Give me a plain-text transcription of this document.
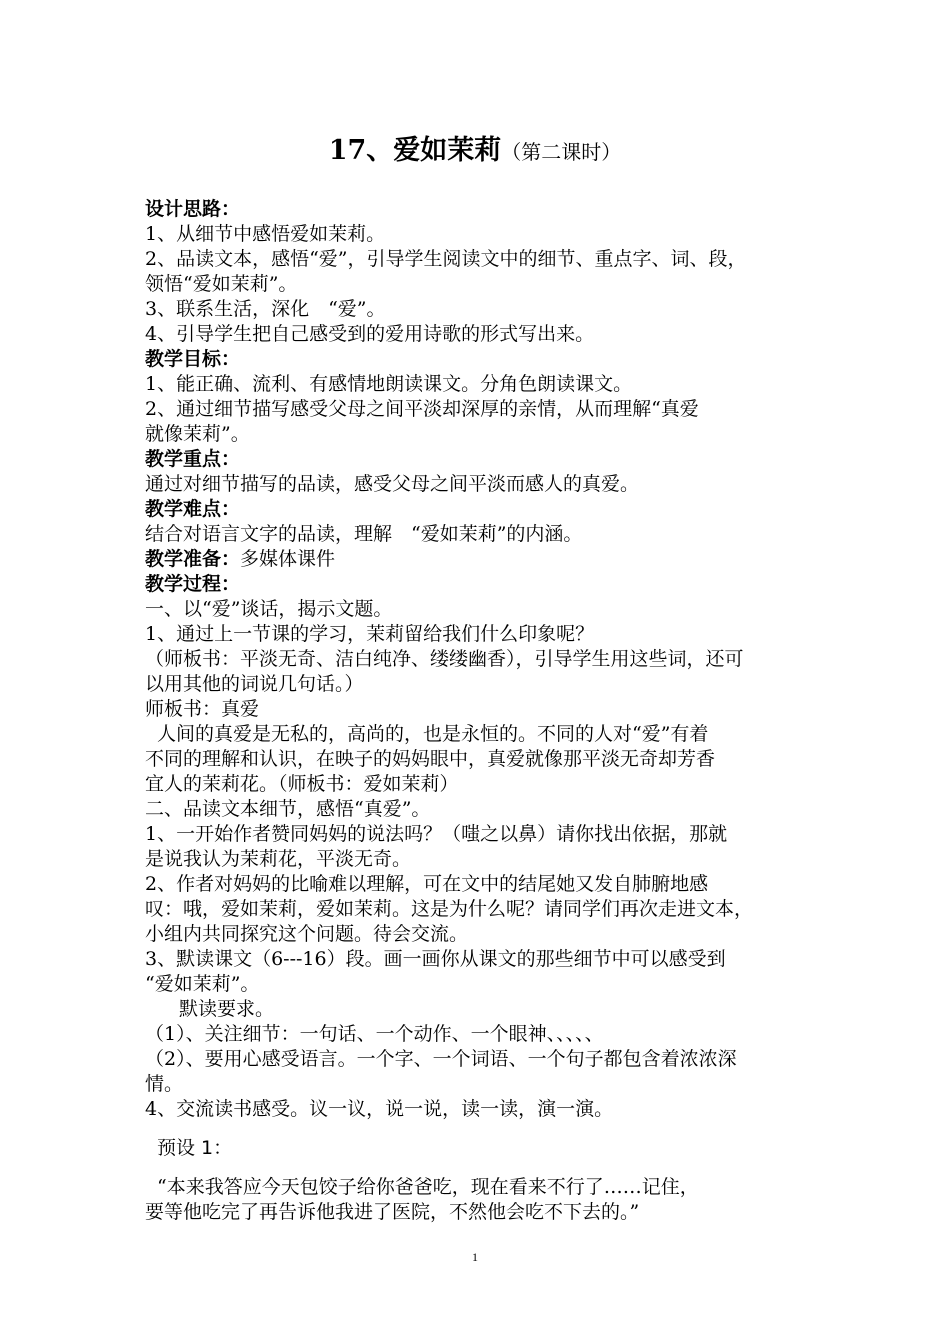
17、爱如茉莉（第二课时）

设计思路：

1、从细节中感悟爱如茉莉。

2、品读文本，感悟“爱”，引导学生阅读文中的细节、重点字、词、段，

领悟“爱如茉莉”。

3、联系生活，深化　“爱”。

4、引导学生把自己感受到的爱用诗歌的形式写出来。

教学目标：

1、能正确、流利、有感情地朗读课文。分角色朗读课文。

2、通过细节描写感受父母之间平淡却深厚的亲情，从而理解“真爱

就像茉莉”。

教学重点：

通过对细节描写的品读，感受父母之间平淡而感人的真爱。

教学难点：

结合对语言文字的品读，理解　“爱如茉莉”的内涵。

教学准备：多媒体课件

教学过程：

一、以“爱”谈话，揭示文题。

1、通过上一节课的学习，茉莉留给我们什么印象呢？

（师板书：平淡无奇、洁白纯净、缕缕幽香），引导学生用这些词，还可

以用其他的词说几句话。）

师板书：真爱

人间的真爱是无私的，高尚的，也是永恒的。不同的人对“爱”有着

不同的理解和认识，在映子的妈妈眼中，真爱就像那平淡无奇却芳香

宜人的茉莉花。（师板书：爱如茉莉）

二、品读文本细节，感悟“真爱”。

1、一开始作者赞同妈妈的说法吗？（嗤之以鼻）请你找出依据，那就

是说我认为茉莉花，平淡无奇。

2、作者对妈妈的比喻难以理解，可在文中的结尾她又发自肺腑地感

叹：哦，爱如茉莉，爱如茉莉。这是为什么呢？请同学们再次走进文本，

小组内共同探究这个问题。待会交流。

3、默读课文（6---16）段。画一画你从课文的那些细节中可以感受到

“爱如茉莉”。

默读要求。

（1）、关注细节：一句话、一个动作、一个眼神、、、、、

（2）、要用心感受语言。一个字、一个词语、一个句子都包含着浓浓深

情。

4、交流读书感受。议一议，说一说，读一读，演一演。

预设 1：

“本来我答应今天包饺子给你爸爸吃，现在看来不行了……记住，

要等他吃完了再告诉他我进了医院，不然他会吃不下去的。”

1
